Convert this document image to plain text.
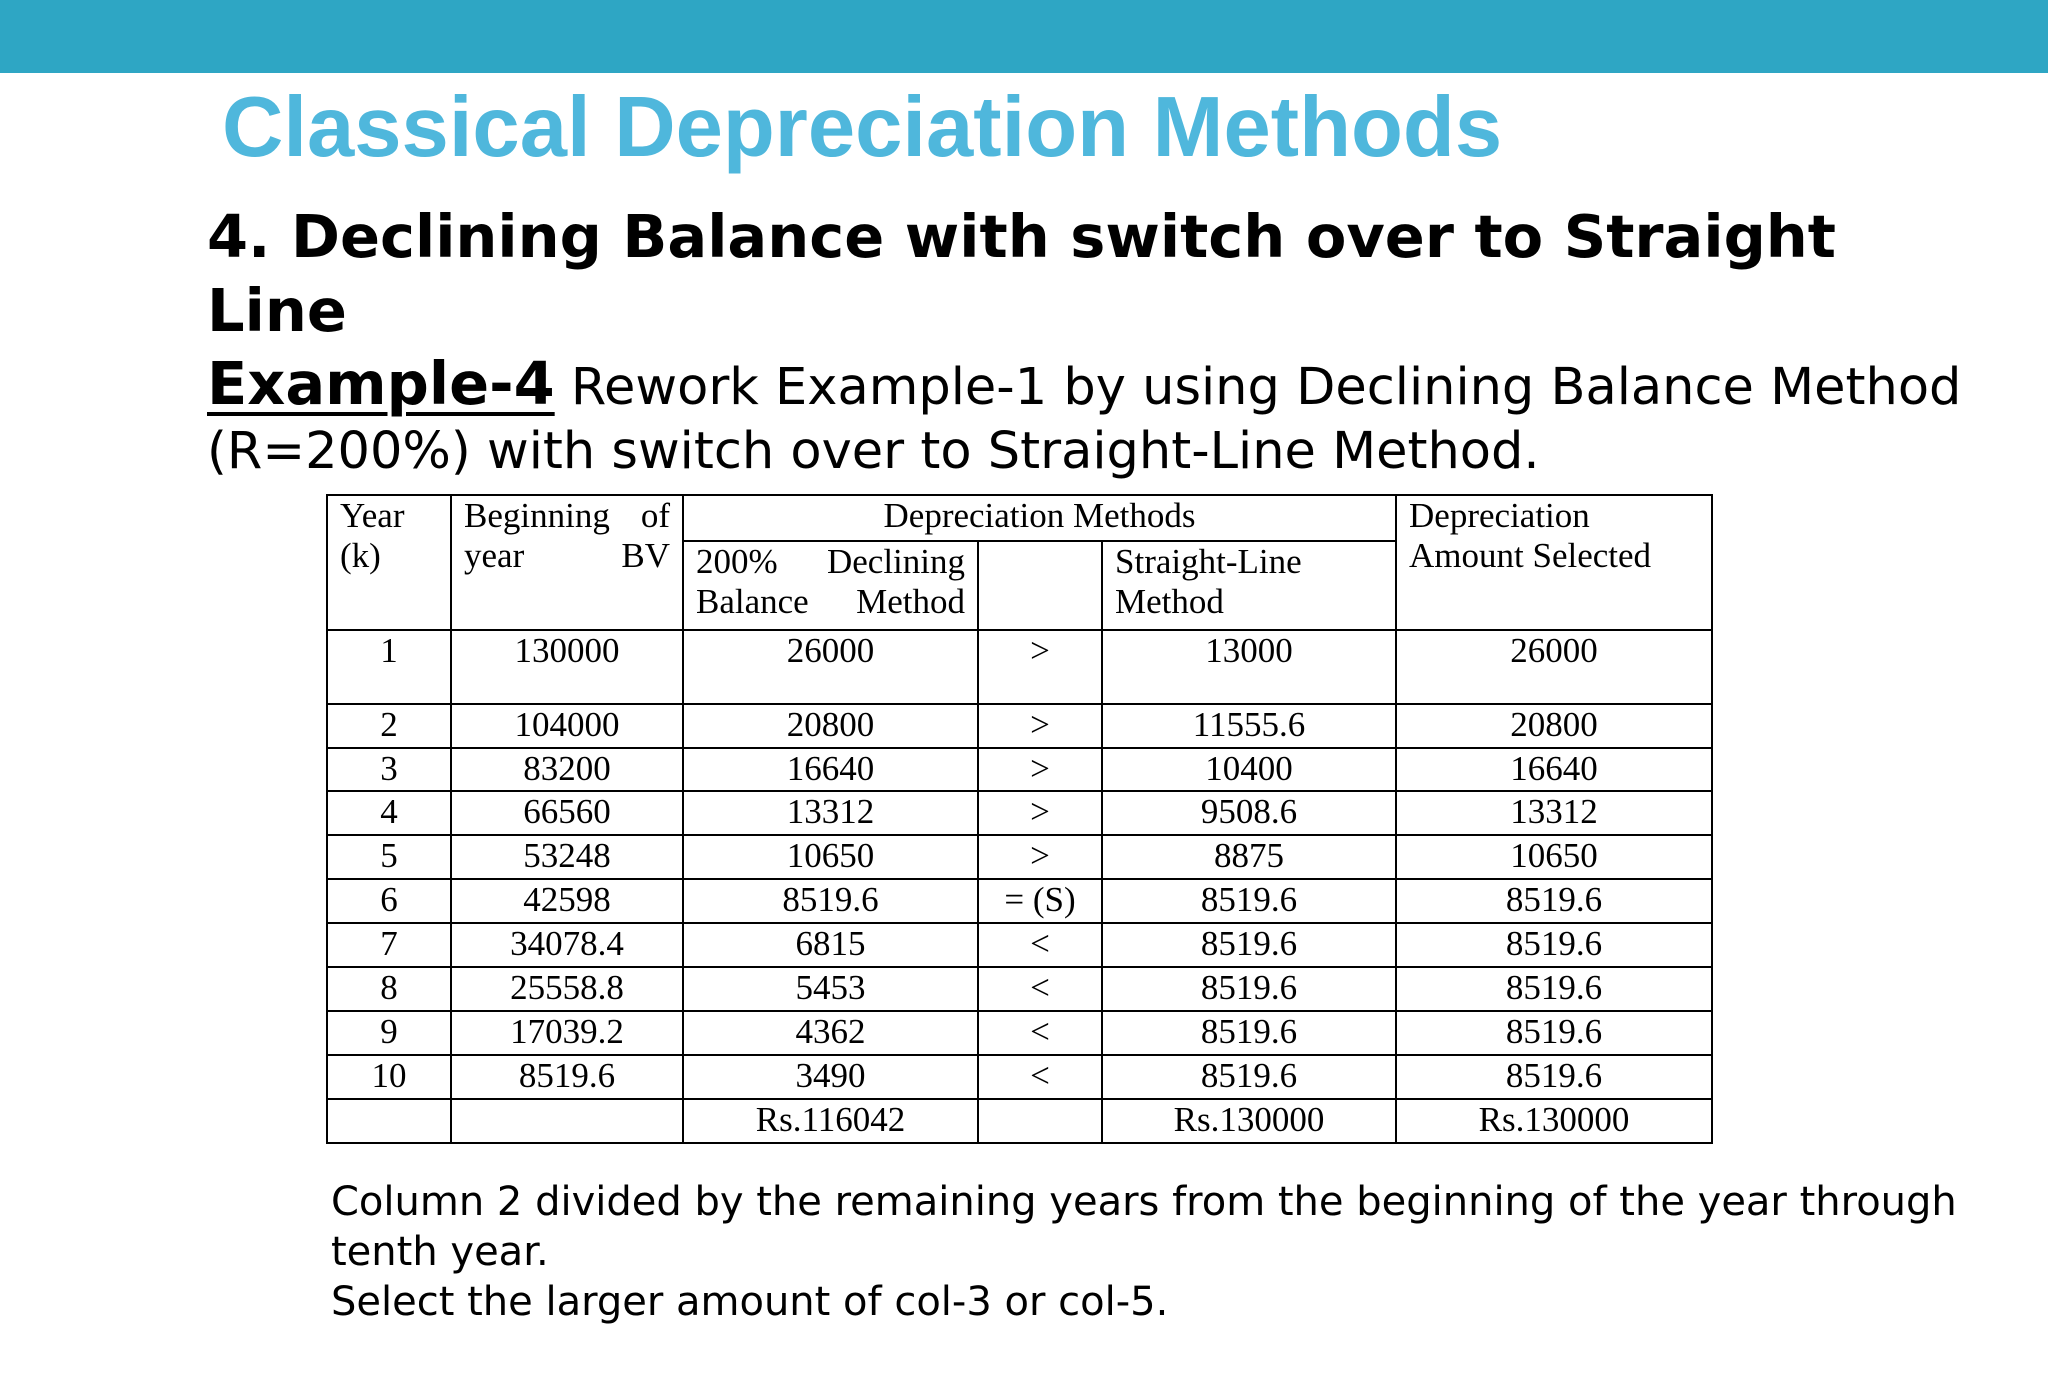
Classical Depreciation Methods
4. Declining Balance with switch over to Straight Line
Example-4 Rework Example-1 by using Declining Balance Method (R=200%) with switch over to Straight-Line Method.
Year (k)	Beginning of year BV	Depreciation Methods			Depreciation Amount Selected
		200% Declining Balance Method		Straight-Line Method	
1	130000	26000	>	13000	26000
2	104000	20800	>	11555.6	20800
3	83200	16640	>	10400	16640
4	66560	13312	>	9508.6	13312
5	53248	10650	>	8875	10650
6	42598	8519.6	= (S)	8519.6	8519.6
7	34078.4	6815	<	8519.6	8519.6
8	25558.8	5453	<	8519.6	8519.6
9	17039.2	4362	<	8519.6	8519.6
10	8519.6	3490	<	8519.6	8519.6
		Rs.116042		Rs.130000	Rs.130000
Column 2 divided by the remaining years from the beginning of the year through tenth year.
Select the larger amount of col-3 or col-5.
